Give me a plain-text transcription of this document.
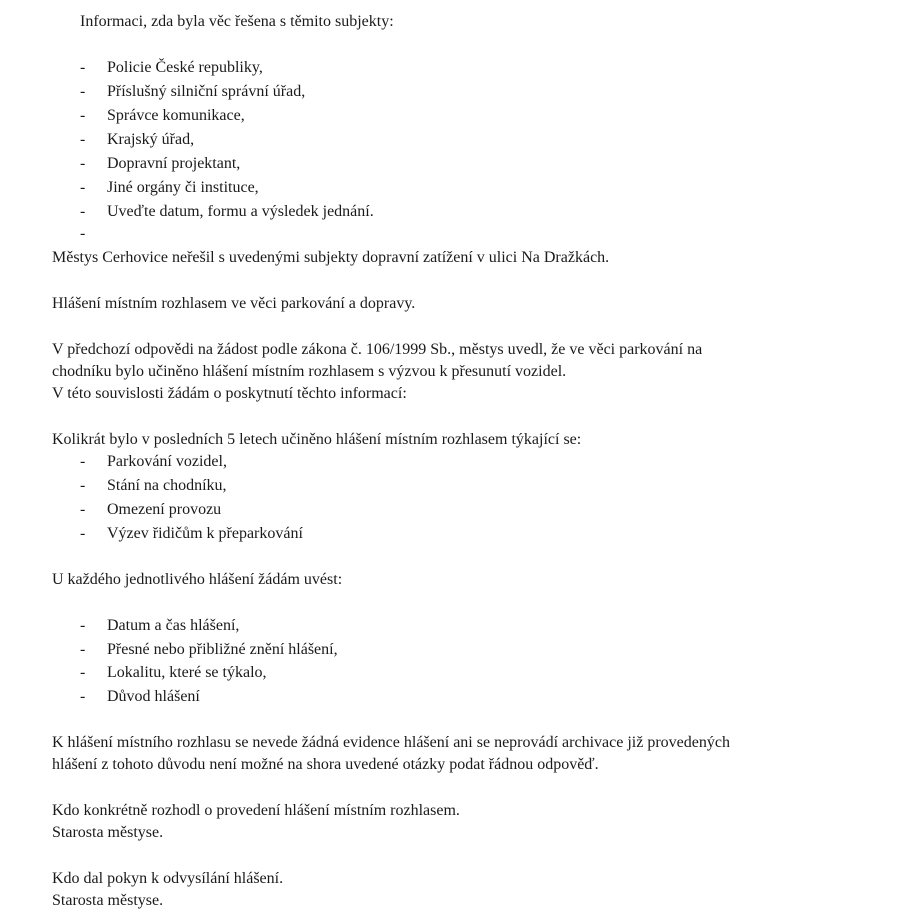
Informaci, zda byla věc řešena s těmito subjekty:
- Policie České republiky,
- Příslušný silniční správní úřad,
- Správce komunikace,
- Krajský úřad,
- Dopravní projektant,
- Jiné orgány či instituce,
- Uveďte datum, formu a výsledek jednání.
-
Městys Cerhovice neřešil s uvedenými subjekty dopravní zatížení v ulici Na Dražkách.
Hlášení místním rozhlasem ve věci parkování a dopravy.
V předchozí odpovědi na žádost podle zákona č. 106/1999 Sb., městys uvedl, že ve věci parkování na
chodníku bylo učiněno hlášení místním rozhlasem s výzvou k přesunutí vozidel.
V této souvislosti žádám o poskytnutí těchto informací:
Kolikrát bylo v posledních 5 letech učiněno hlášení místním rozhlasem týkající se:
- Parkování vozidel,
- Stání na chodníku,
- Omezení provozu
- Výzev řidičům k přeparkování
U každého jednotlivého hlášení žádám uvést:
- Datum a čas hlášení,
- Přesné nebo přibližné znění hlášení,
- Lokalitu, které se týkalo,
- Důvod hlášení
K hlášení místního rozhlasu se nevede žádná evidence hlášení ani se neprovádí archivace již provedených
hlášení z tohoto důvodu není možné na shora uvedené otázky podat řádnou odpověď.
Kdo konkrétně rozhodl o provedení hlášení místním rozhlasem.
Starosta městyse.
Kdo dal pokyn k odvysílání hlášení.
Starosta městyse.
